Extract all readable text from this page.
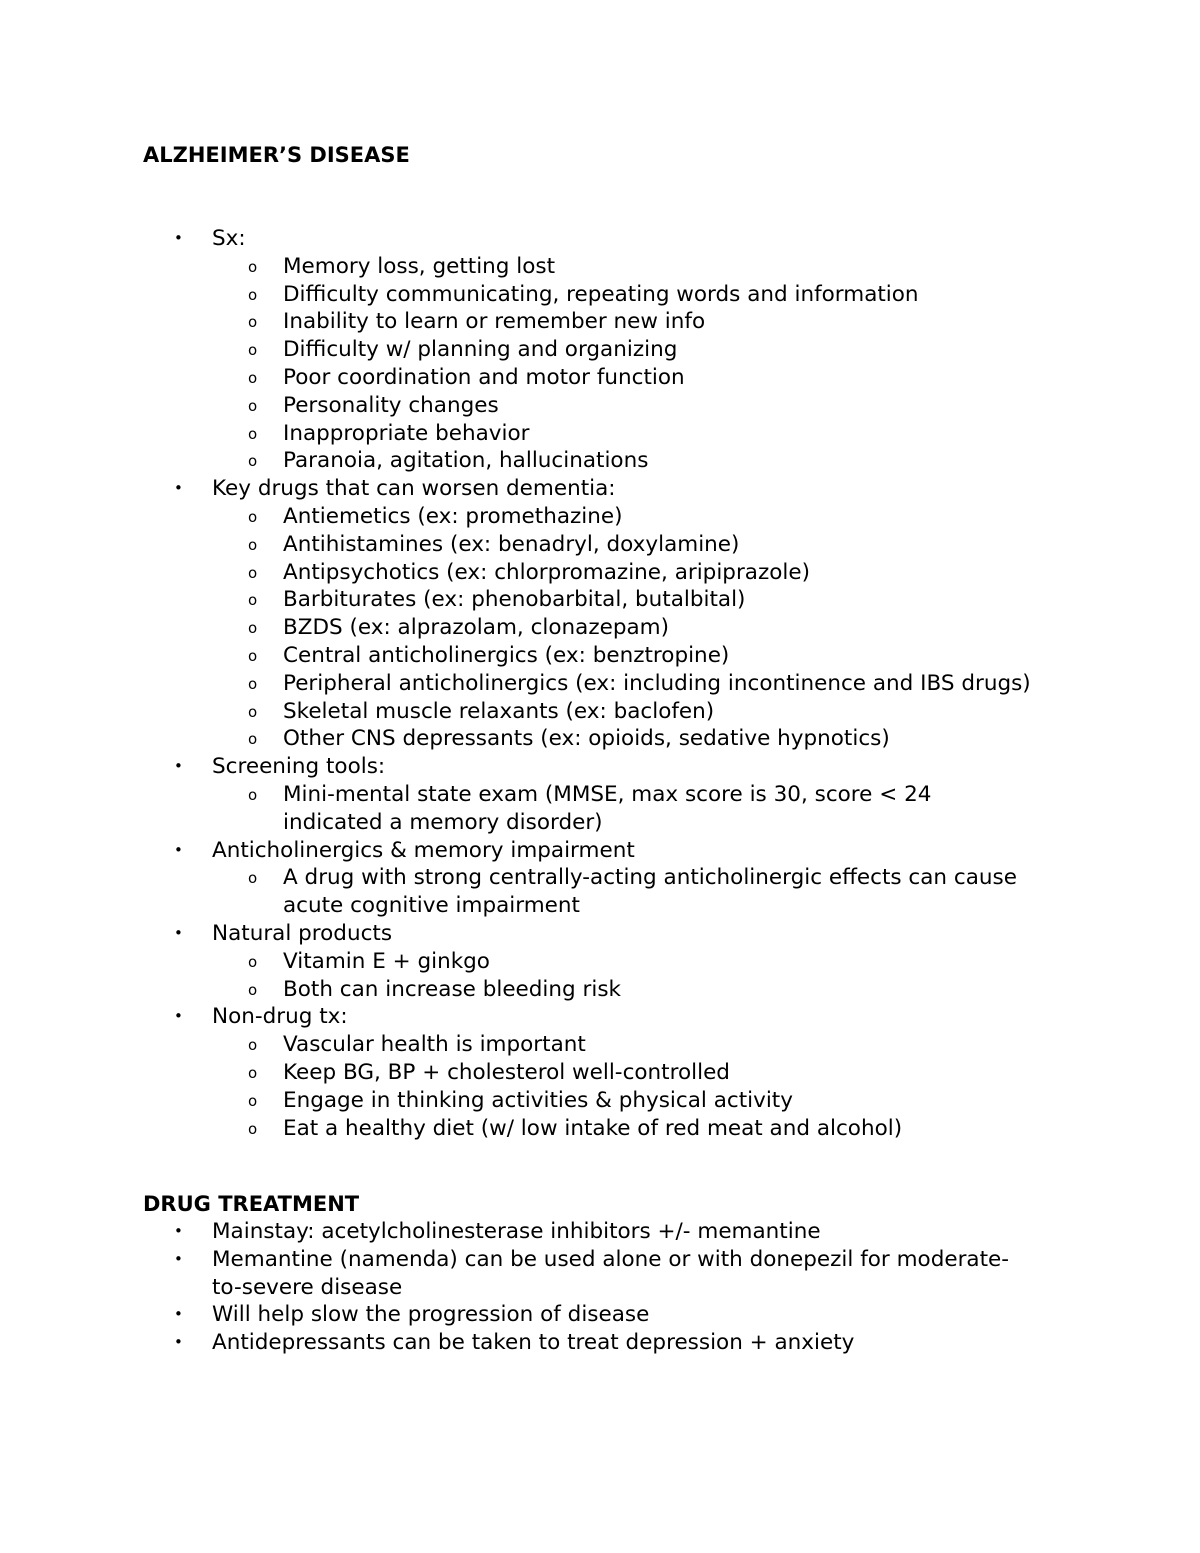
ALZHEIMER’S DISEASE
• Sx:
o Memory loss, getting lost
o Difficulty communicating, repeating words and information
o Inability to learn or remember new info
o Difficulty w/ planning and organizing
o Poor coordination and motor function
o Personality changes
o Inappropriate behavior
o Paranoia, agitation, hallucinations
• Key drugs that can worsen dementia:
o Antiemetics (ex: promethazine)
o Antihistamines (ex: benadryl, doxylamine)
o Antipsychotics (ex: chlorpromazine, aripiprazole)
o Barbiturates (ex: phenobarbital, butalbital)
o BZDS (ex: alprazolam, clonazepam)
o Central anticholinergics (ex: benztropine)
o Peripheral anticholinergics (ex: including incontinence and IBS drugs)
o Skeletal muscle relaxants (ex: baclofen)
o Other CNS depressants (ex: opioids, sedative hypnotics)
• Screening tools:
o Mini-mental state exam (MMSE, max score is 30, score < 24 indicated a memory disorder)
• Anticholinergics & memory impairment
o A drug with strong centrally-acting anticholinergic effects can cause acute cognitive impairment
• Natural products
o Vitamin E + ginkgo
o Both can increase bleeding risk
• Non-drug tx:
o Vascular health is important
o Keep BG, BP + cholesterol well-controlled
o Engage in thinking activities & physical activity
o Eat a healthy diet (w/ low intake of red meat and alcohol)
DRUG TREATMENT
• Mainstay: acetylcholinesterase inhibitors +/- memantine
• Memantine (namenda) can be used alone or with donepezil for moderate-to-severe disease
• Will help slow the progression of disease
• Antidepressants can be taken to treat depression + anxiety
